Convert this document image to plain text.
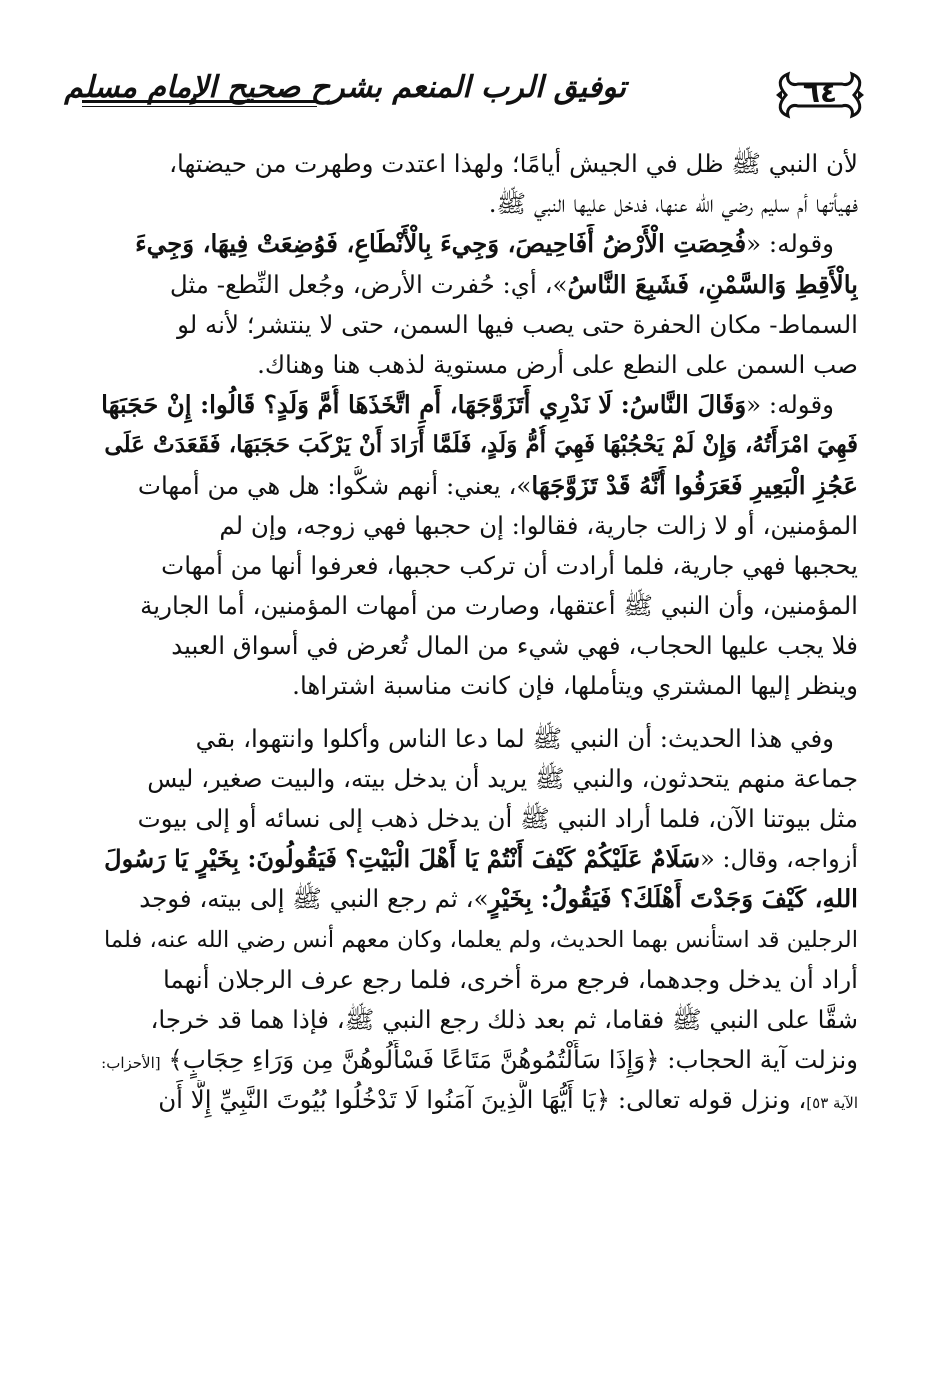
توفيق الرب المنعم بشرح صحيح الإمام مسلم	٦٤
لأن النبي ﷺ ظل في الجيش أيامًا؛ ولهذا اعتدت وطهرت من حيضتها،
فهيأتها أم سليم رضي الله عنها، فدخل عليها النبي ﷺ.
وقوله: «فُحِصَتِ الْأَرْضُ أَفَاحِيصَ، وَجِيءَ بِالْأَنْطَاعِ، فَوُضِعَتْ فِيهَا، وَجِيءَ
بِالْأَقِطِ وَالسَّمْنِ، فَشَبِعَ النَّاسُ»، أي: حُفرت الأرض، وجُعل النِّطع- مثل
السماط- مكان الحفرة حتى يصب فيها السمن، حتى لا ينتشر؛ لأنه لو
صب السمن على النطع على أرض مستوية لذهب هنا وهناك.
وقوله: «وَقَالَ النَّاسُ: لَا نَدْرِي أَتَزَوَّجَهَا، أَمِ اتَّخَذَهَا أُمَّ وَلَدٍ؟ قَالُوا: إِنْ حَجَبَهَا
فَهِيَ امْرَأَتُهُ، وَإِنْ لَمْ يَحْجُبْهَا فَهِيَ أُمُّ وَلَدٍ، فَلَمَّا أَرَادَ أَنْ يَرْكَبَ حَجَبَهَا، فَقَعَدَتْ عَلَى
عَجُزِ الْبَعِيرِ فَعَرَفُوا أَنَّهُ قَدْ تَزَوَّجَهَا»، يعني: أنهم شكُّوا: هل هي من أمهات
المؤمنين، أو لا زالت جارية، فقالوا: إن حجبها فهي زوجه، وإن لم
يحجبها فهي جارية، فلما أرادت أن تركب حجبها، فعرفوا أنها من أمهات
المؤمنين، وأن النبي ﷺ أعتقها، وصارت من أمهات المؤمنين، أما الجارية
فلا يجب عليها الحجاب، فهي شيء من المال تُعرض في أسواق العبيد
وينظر إليها المشتري ويتأملها، فإن كانت مناسبة اشتراها.
وفي هذا الحديث: أن النبي ﷺ لما دعا الناس وأكلوا وانتهوا، بقي
جماعة منهم يتحدثون، والنبي ﷺ يريد أن يدخل بيته، والبيت صغير، ليس
مثل بيوتنا الآن، فلما أراد النبي ﷺ أن يدخل ذهب إلى نسائه أو إلى بيوت
أزواجه، وقال: «سَلَامٌ عَلَيْكُمْ كَيْفَ أَنْتُمْ يَا أَهْلَ الْبَيْتِ؟ فَيَقُولُونَ: بِخَيْرٍ يَا رَسُولَ
اللهِ، كَيْفَ وَجَدْتَ أَهْلَكَ؟ فَيَقُولُ: بِخَيْرٍ»، ثم رجع النبي ﷺ إلى بيته، فوجد
الرجلين قد استأنس بهما الحديث، ولم يعلما، وكان معهم أنس رضي الله عنه، فلما
أراد أن يدخل وجدهما، فرجع مرة أخرى، فلما رجع عرف الرجلان أنهما
شقَّا على النبي ﷺ فقاما، ثم بعد ذلك رجع النبي ﷺ، فإذا هما قد خرجا،
ونزلت آية الحجاب: ﴿وَإِذَا سَأَلْتُمُوهُنَّ مَتَاعًا فَسْأَلُوهُنَّ مِن وَرَاءِ حِجَابٍ﴾ [الأحزاب:
الآية ٥٣]، ونزل قوله تعالى: ﴿يَا أَيُّهَا الَّذِينَ آمَنُوا لَا تَدْخُلُوا بُيُوتَ النَّبِيِّ إِلَّا أَن
